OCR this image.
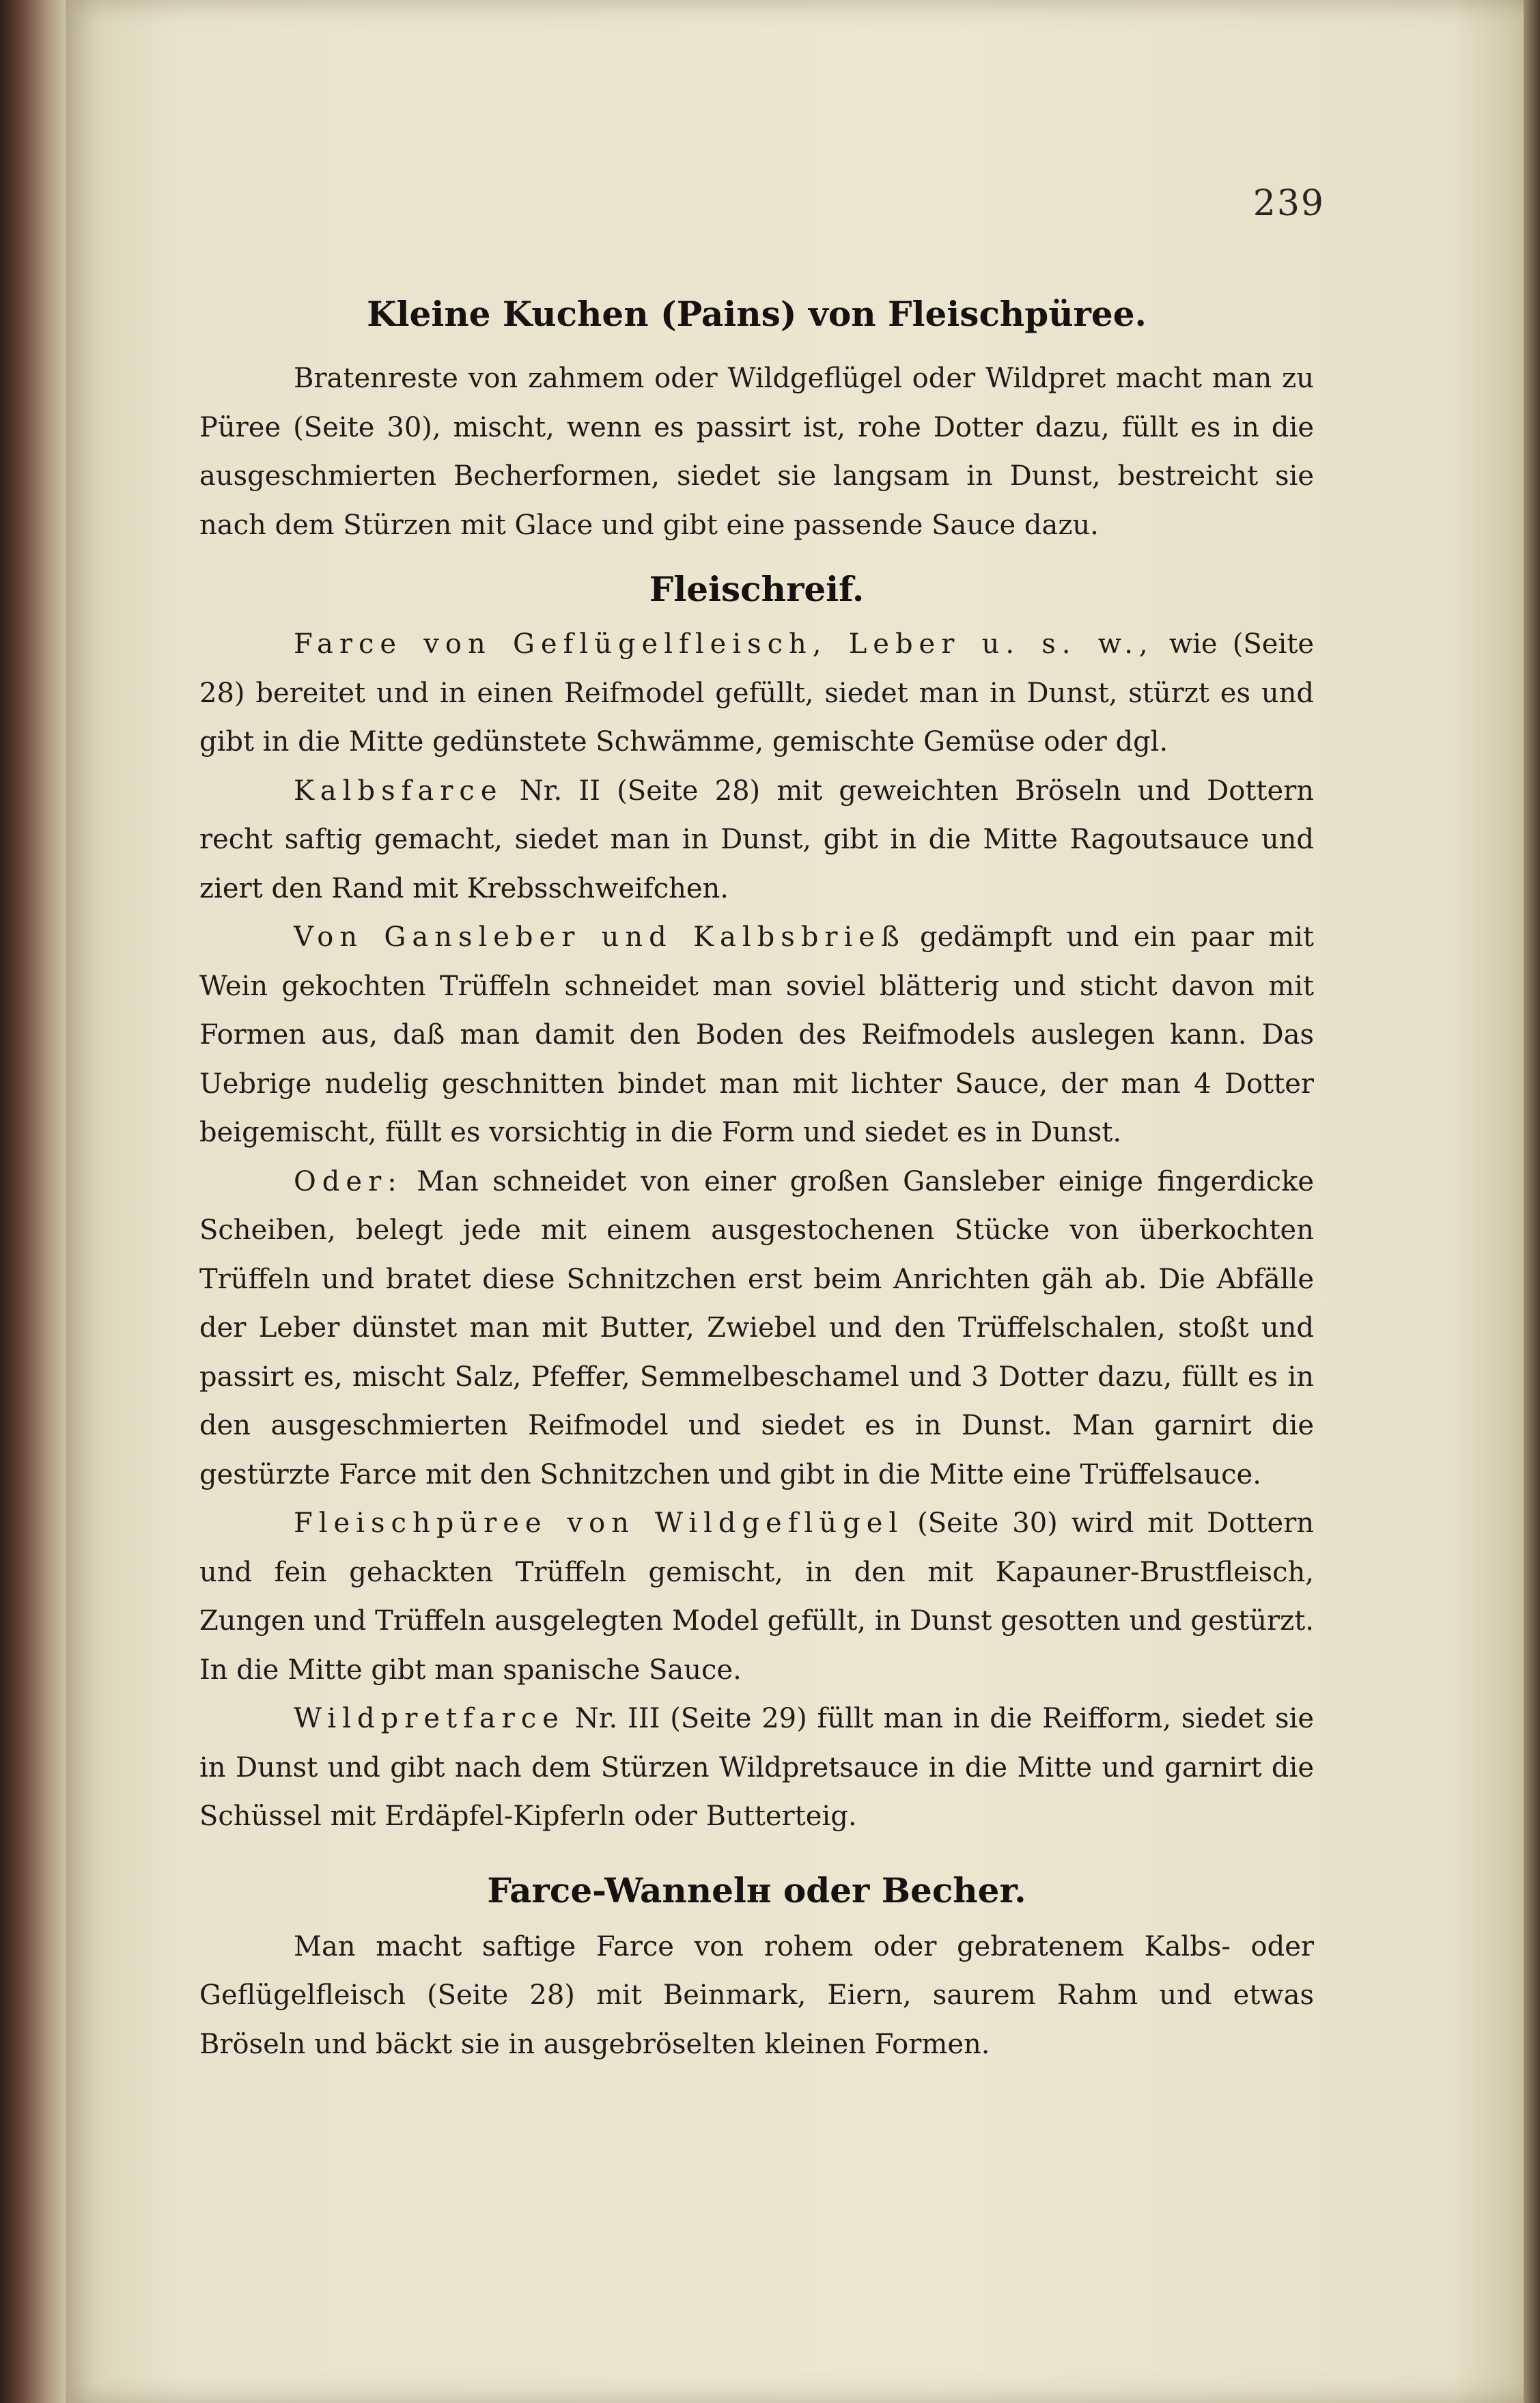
239
Kleine Kuchen (Pains) von Fleischpüree.

Bratenreste von zahmem oder Wildgeflügel oder Wildpret macht man zu Püree (Seite 30), mischt, wenn es passirt ist, rohe Dotter dazu, füllt es in die ausgeschmierten Becherformen, siedet sie langsam in Dunst, bestreicht sie nach dem Stürzen mit Glace und gibt eine passende Sauce dazu.

Fleischreif.

Farce von Geflügelfleisch, Leber u. s. w., wie (Seite 28) bereitet und in einen Reifmodel gefüllt, siedet man in Dunst, stürzt es und gibt in die Mitte gedünstete Schwämme, gemischte Gemüse oder dgl.

Kalbsfarce Nr. II (Seite 28) mit geweichten Bröseln und Dottern recht saftig gemacht, siedet man in Dunst, gibt in die Mitte Ragoutsauce und ziert den Rand mit Krebsschweifchen.

Von Gansleber und Kalbsbrieß gedämpft und ein paar mit Wein gekochten Trüffeln schneidet man soviel blätterig und sticht davon mit Formen aus, daß man damit den Boden des Reifmodels auslegen kann. Das Uebrige nudelig geschnitten bindet man mit lichter Sauce, der man 4 Dotter beigemischt, füllt es vorsichtig in die Form und siedet es in Dunst.

Oder: Man schneidet von einer großen Gansleber einige fingerdicke Scheiben, belegt jede mit einem ausgestochenen Stücke von überkochten Trüffeln und bratet diese Schnitzchen erst beim Anrichten gäh ab. Die Abfälle der Leber dünstet man mit Butter, Zwiebel und den Trüffelschalen, stoßt und passirt es, mischt Salz, Pfeffer, Semmelbeschamel und 3 Dotter dazu, füllt es in den ausgeschmierten Reifmodel und siedet es in Dunst. Man garnirt die gestürzte Farce mit den Schnitzchen und gibt in die Mitte eine Trüffelsauce.

Fleischpüree von Wildgeflügel (Seite 30) wird mit Dottern und fein gehackten Trüffeln gemischt, in den mit Kapauner-Brustfleisch, Zungen und Trüffeln ausgelegten Model gefüllt, in Dunst gesotten und gestürzt. In die Mitte gibt man spanische Sauce.

Wildpretfarce Nr. III (Seite 29) füllt man in die Reifform, siedet sie in Dunst und gibt nach dem Stürzen Wildpretsauce in die Mitte und garnirt die Schüssel mit Erdäpfel-Kipferln oder Butterteig.

Farce-Wannelн oder Becher.

Man macht saftige Farce von rohem oder gebratenem Kalbs- oder Geflügelfleisch (Seite 28) mit Beinmark, Eiern, saurem Rahm und etwas Bröseln und bäckt sie in ausgebröselten kleinen Formen.
